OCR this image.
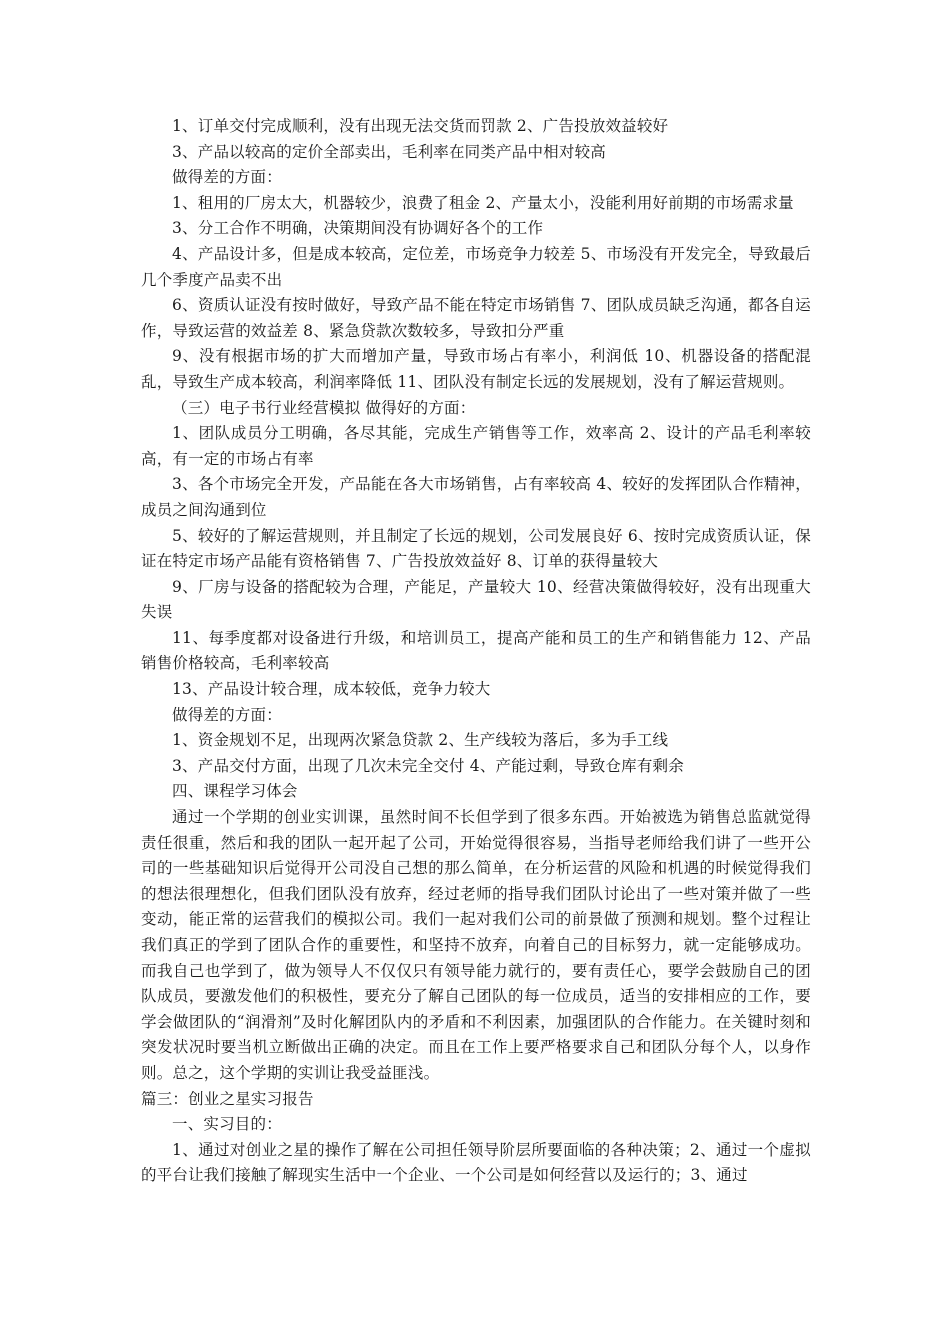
1、订单交付完成顺利，没有出现无法交货而罚款 2、广告投放效益较好

3、产品以较高的定价全部卖出，毛利率在同类产品中相对较高

做得差的方面：

1、租用的厂房太大，机器较少，浪费了租金 2、产量太小，没能利用好前期的市场需求量

3、分工合作不明确，决策期间没有协调好各个的工作

4、产品设计多，但是成本较高，定位差，市场竞争力较差 5、市场没有开发完全，导致最后几个季度产品卖不出

6、资质认证没有按时做好，导致产品不能在特定市场销售 7、团队成员缺乏沟通，都各自运作，导致运营的效益差 8、紧急贷款次数较多，导致扣分严重

9、没有根据市场的扩大而增加产量，导致市场占有率小，利润低 10、机器设备的搭配混乱，导致生产成本较高，利润率降低 11、团队没有制定长远的发展规划，没有了解运营规则。

（三）电子书行业经营模拟 做得好的方面：

1、团队成员分工明确，各尽其能，完成生产销售等工作，效率高 2、设计的产品毛利率较高，有一定的市场占有率

3、各个市场完全开发，产品能在各大市场销售，占有率较高 4、较好的发挥团队合作精神，成员之间沟通到位

5、较好的了解运营规则，并且制定了长远的规划，公司发展良好 6、按时完成资质认证，保证在特定市场产品能有资格销售 7、广告投放效益好 8、订单的获得量较大

9、厂房与设备的搭配较为合理，产能足，产量较大 10、经营决策做得较好，没有出现重大失误

11、每季度都对设备进行升级，和培训员工，提高产能和员工的生产和销售能力 12、产品销售价格较高，毛利率较高

13、产品设计较合理，成本较低，竞争力较大

做得差的方面：

1、资金规划不足，出现两次紧急贷款 2、生产线较为落后，多为手工线

3、产品交付方面，出现了几次未完全交付 4、产能过剩，导致仓库有剩余

四、课程学习体会

通过一个学期的创业实训课，虽然时间不长但学到了很多东西。开始被选为销售总监就觉得责任很重，然后和我的团队一起开起了公司，开始觉得很容易，当指导老师给我们讲了一些开公司的一些基础知识后觉得开公司没自己想的那么简单，在分析运营的风险和机遇的时候觉得我们的想法很理想化，但我们团队没有放弃，经过老师的指导我们团队讨论出了一些对策并做了一些变动，能正常的运营我们的模拟公司。我们一起对我们公司的前景做了预测和规划。整个过程让我们真正的学到了团队合作的重要性，和坚持不放弃，向着自己的目标努力，就一定能够成功。而我自己也学到了，做为领导人不仅仅只有领导能力就行的，要有责任心，要学会鼓励自己的团队成员，要激发他们的积极性，要充分了解自己团队的每一位成员，适当的安排相应的工作，要学会做团队的“润滑剂”及时化解团队内的矛盾和不利因素，加强团队的合作能力。在关键时刻和突发状况时要当机立断做出正确的决定。而且在工作上要严格要求自己和团队分每个人，以身作则。总之，这个学期的实训让我受益匪浅。

篇三：创业之星实习报告

一、实习目的：

1、通过对创业之星的操作了解在公司担任领导阶层所要面临的各种决策；2、通过一个虚拟的平台让我们接触了解现实生活中一个企业、一个公司是如何经营以及运行的；3、通过
